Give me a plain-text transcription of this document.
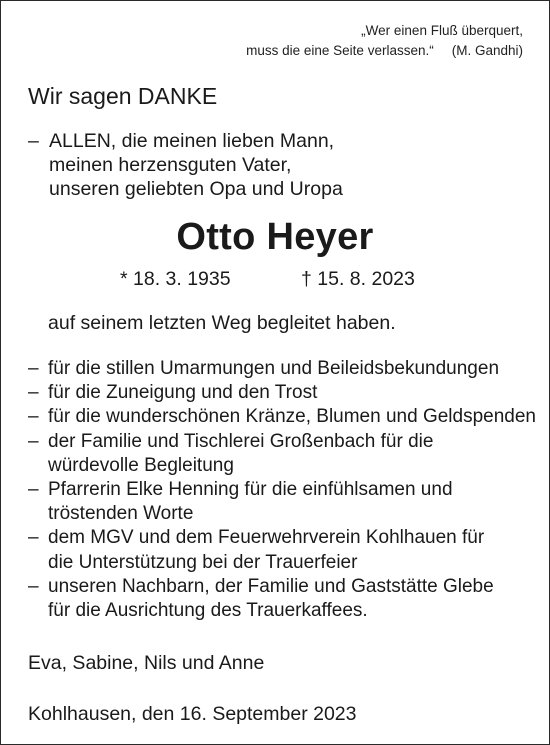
„Wer einen Fluß überquert,
muss die eine Seite verlassen.“ (M. Gandhi)
Wir sagen DANKE
– ALLEN, die meinen lieben Mann,
meinen herzensguten Vater,
unseren geliebten Opa und Uropa
Otto Heyer
* 18. 3. 1935	† 15. 8. 2023
auf seinem letzten Weg begleitet haben.
– für die stillen Umarmungen und Beileidsbekundungen
– für die Zuneigung und den Trost
– für die wunderschönen Kränze, Blumen und Geldspenden
– der Familie und Tischlerei Großenbach für die
würdevolle Begleitung
– Pfarrerin Elke Henning für die einfühlsamen und
tröstenden Worte
– dem MGV und dem Feuerwehrverein Kohlhauen für
die Unterstützung bei der Trauerfeier
– unseren Nachbarn, der Familie und Gaststätte Glebe
für die Ausrichtung des Trauerkaffees.
Eva, Sabine, Nils und Anne
Kohlhausen, den 16. September 2023
